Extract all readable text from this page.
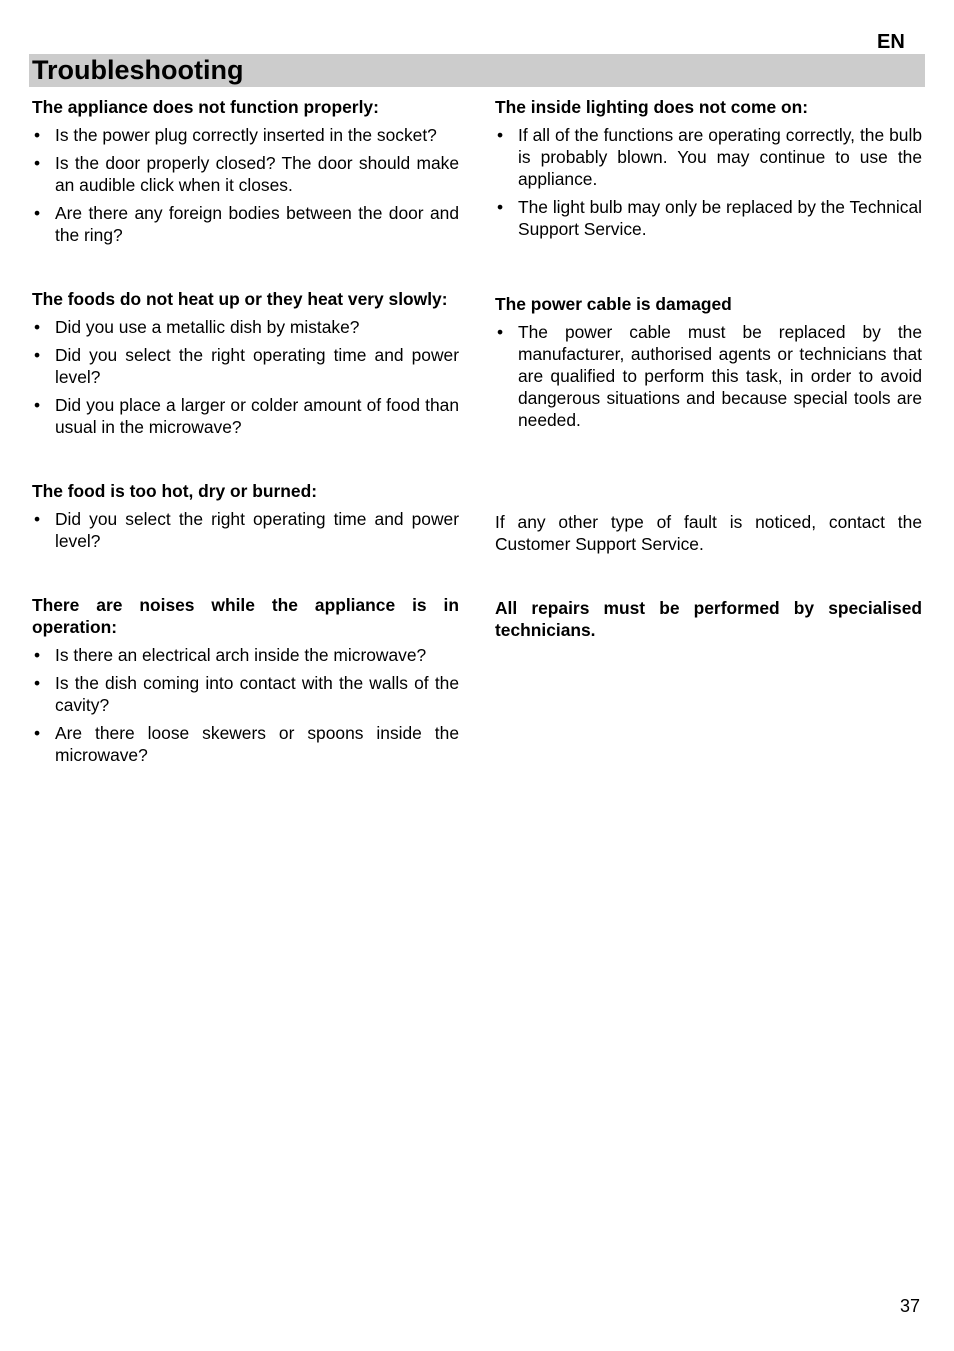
EN
Troubleshooting
The appliance does not function properly:
• Is the power plug correctly inserted in the socket?
• Is the door properly closed? The door should make an audible click when it closes.
• Are there any foreign bodies between the door and the ring?
The foods do not heat up or they heat very slowly:
• Did you use a metallic dish by mistake?
• Did you select the right operating time and power level?
• Did you place a larger or colder amount of food than usual in the microwave?
The food is too hot, dry or burned:
• Did you select the right operating time and power level?
There are noises while the appliance is in operation:
• Is there an electrical arch inside the microwave?
• Is the dish coming into contact with the walls of the cavity?
• Are there loose skewers or spoons inside the microwave?
The inside lighting does not come on:
• If all of the functions are operating correctly, the bulb is probably blown. You may continue to use the appliance.
• The light bulb may only be replaced by the Technical Support Service.
The power cable is damaged
• The power cable must be replaced by the manufacturer, authorised agents or technicians that are qualified to perform this task, in order to avoid dangerous situations and because special tools are needed.

If any other type of fault is noticed, contact the Customer Support Service.

All repairs must be performed by specialised technicians.

37
